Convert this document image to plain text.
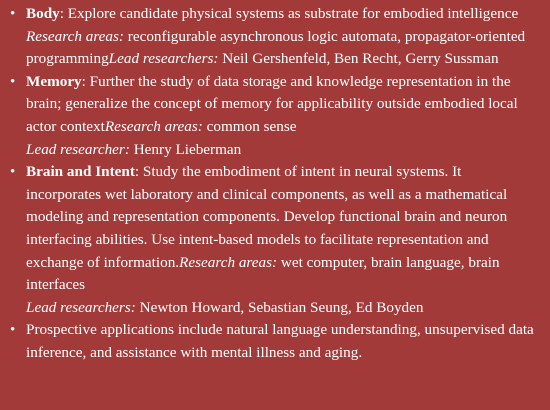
• Body: Explore candidate physical systems as substrate for embodied intelligence
Research areas: reconfigurable asynchronous logic automata, propagator-oriented programmingLead researchers: Neil Gershenfeld, Ben Recht, Gerry Sussman
• Memory: Further the study of data storage and knowledge representation in the brain; generalize the concept of memory for applicability outside embodied local actor contextResearch areas: common sense
Lead researcher: Henry Lieberman
• Brain and Intent: Study the embodiment of intent in neural systems. It incorporates wet laboratory and clinical components, as well as a mathematical modeling and representation components. Develop functional brain and neuron interfacing abilities. Use intent-based models to facilitate representation and exchange of information.Research areas: wet computer, brain language, brain interfaces
Lead researchers: Newton Howard, Sebastian Seung, Ed Boyden
• Prospective applications include natural language understanding, unsupervised data inference, and assistance with mental illness and aging.
